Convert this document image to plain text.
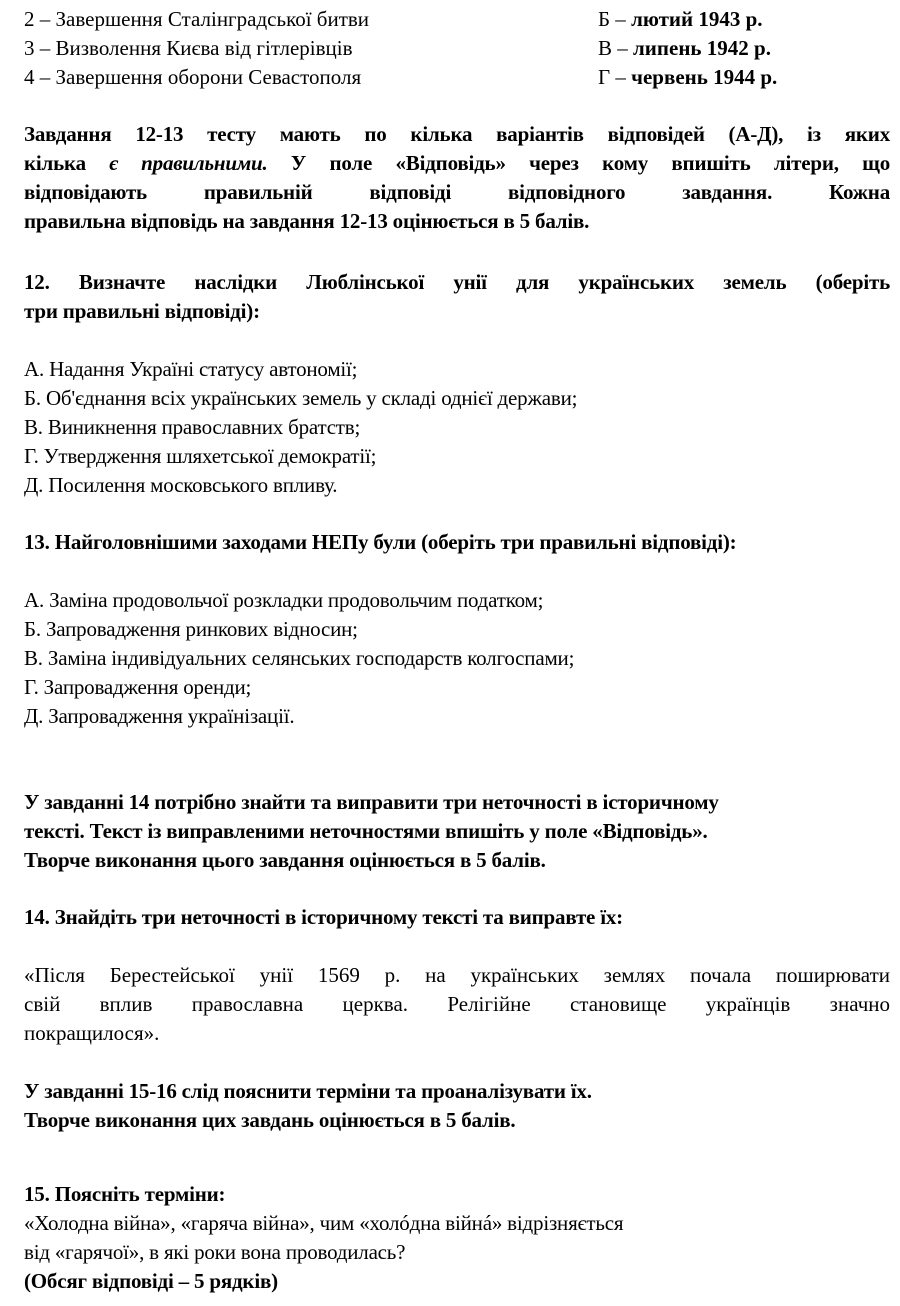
2 – Завершення Сталінградської битви	Б – лютий 1943 р.
3 – Визволення Києва від гітлерівців	В – липень 1942 р.
4 – Завершення оборони Севастополя	Г – червень 1944 р.
Завдання 12-13 тесту мають по кілька варіантів відповідей (А-Д), із яких
кілька є правильними. У поле «Відповідь» через кому впишіть літери, що
відповідають правильній відповіді відповідного завдання. Кожна
правильна відповідь на завдання 12-13 оцінюється в 5 балів.
12. Визначте наслідки Люблінської унії для українських земель (оберіть
три правильні відповіді):
А. Надання Україні статусу автономії;
Б. Об'єднання всіх українських земель у складі однієї держави;
В. Виникнення православних братств;
Г. Утвердження шляхетської демократії;
Д. Посилення московського впливу.
13. Найголовнішими заходами НЕПу були (оберіть три правильні відповіді):
А. Заміна продовольчої розкладки продовольчим податком;
Б. Запровадження ринкових відносин;
В. Заміна індивідуальних селянських господарств колгоспами;
Г. Запровадження оренди;
Д. Запровадження українізації.
У завданні 14 потрібно знайти та виправити три неточності в історичному
тексті. Текст із виправленими неточностями впишіть у поле «Відповідь».
Творче виконання цього завдання оцінюється в 5 балів.
14. Знайдіть три неточності в історичному тексті та виправте їх:
«Після Берестейської унії 1569 р. на українських землях почала поширювати
свій вплив православна церква. Релігійне становище українців значно
покращилося».
У завданні 15-16 слід пояснити терміни та проаналізувати їх.
Творче виконання цих завдань оцінюється в 5 балів.
15. Поясніть терміни:
«Холодна війна», «гаряча війна», чим «холóдна війнá» відрізняється
від «гарячої», в які роки вона проводилась?
(Обсяг відповіді – 5 рядків)
